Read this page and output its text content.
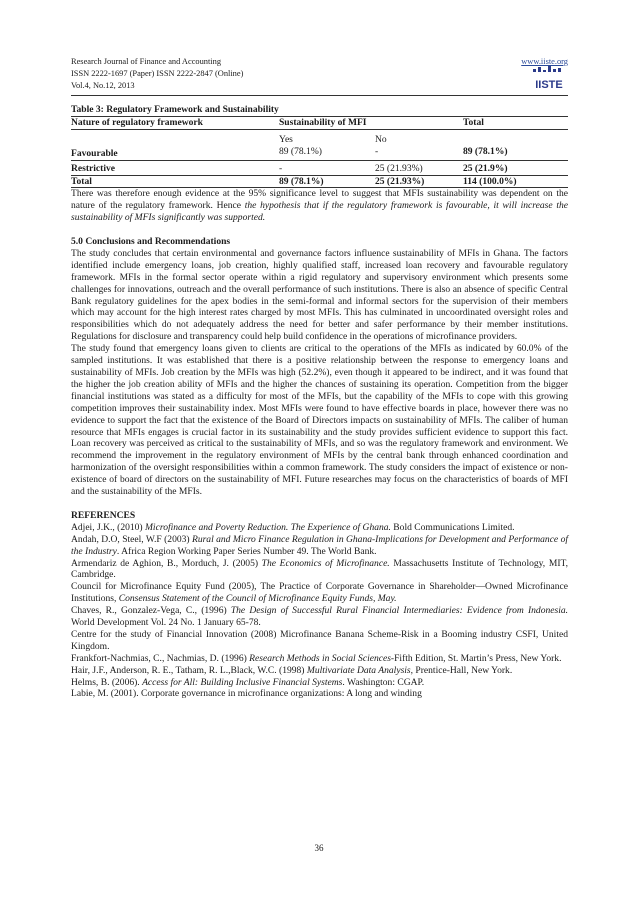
Research Journal of Finance and Accounting
ISSN 2222-1697 (Paper) ISSN 2222-2847 (Online)
Vol.4, No.12, 2013
www.iiste.org
IISTE
Table 3: Regulatory Framework and Sustainability
Nature of regulatory framework	Sustainability of MFI		Total
	Yes	No	
Favourable	89 (78.1%)	-	89 (78.1%)
Restrictive	-	25 (21.93%)	25 (21.9%)
Total	89 (78.1%)	25 (21.93%)	114 (100.0%)

There was therefore enough evidence at the 95% significance level to suggest that MFIs sustainability was dependent on the nature of the regulatory framework. Hence the hypothesis that if the regulatory framework is favourable, it will increase the sustainability of MFIs significantly was supported.

5.0 Conclusions and Recommendations

The study concludes that certain environmental and governance factors influence sustainability of MFIs in Ghana. The factors identified include emergency loans, job creation, highly qualified staff, increased loan recovery and favourable regulatory framework. MFIs in the formal sector operate within a rigid regulatory and supervisory environment which presents some challenges for innovations, outreach and the overall performance of such institutions. There is also an absence of specific Central Bank regulatory guidelines for the apex bodies in the semi-formal and informal sectors for the supervision of their members which may account for the high interest rates charged by most MFIs. This has culminated in uncoordinated oversight roles and responsibilities which do not adequately address the need for better and safer performance by their member institutions. Regulations for disclosure and transparency could help build confidence in the operations of microfinance providers.

The study found that emergency loans given to clients are critical to the operations of the MFIs as indicated by 60.0% of the sampled institutions. It was established that there is a positive relationship between the response to emergency loans and sustainability of MFIs. Job creation by the MFIs was high (52.2%), even though it appeared to be indirect, and it was found that the higher the job creation ability of MFIs and the higher the chances of sustaining its operation. Competition from the bigger financial institutions was stated as a difficulty for most of the MFIs, but the capability of the MFIs to cope with this growing competition improves their sustainability index. Most MFIs were found to have effective boards in place, however there was no evidence to support the fact that the existence of the Board of Directors impacts on sustainability of MFIs. The caliber of human resource that MFIs engages is crucial factor in its sustainability and the study provides sufficient evidence to support this fact. Loan recovery was perceived as critical to the sustainability of MFIs, and so was the regulatory framework and environment. We recommend the improvement in the regulatory environment of MFIs by the central bank through enhanced coordination and harmonization of the oversight responsibilities within a common framework. The study considers the impact of existence or non- existence of board of directors on the sustainability of MFI. Future researches may focus on the characteristics of boards of MFI and the sustainability of the MFIs.

REFERENCES

Adjei, J.K., (2010) Microfinance and Poverty Reduction. The Experience of Ghana. Bold Communications Limited.

Andah, D.O, Steel, W.F (2003) Rural and Micro Finance Regulation in Ghana-Implications for Development and Performance of the Industry. Africa Region Working Paper Series Number 49. The World Bank.

Armendariz de Aghion, B., Morduch, J. (2005) The Economics of Microfinance. Massachusetts Institute of Technology, MIT, Cambridge.

Council for Microfinance Equity Fund (2005), The Practice of Corporate Governance in Shareholder—Owned Microfinance Institutions, Consensus Statement of the Council of Microfinance Equity Funds, May.

Chaves, R., Gonzalez-Vega, C., (1996) The Design of Successful Rural Financial Intermediaries: Evidence from Indonesia. World Development Vol. 24 No. 1 January 65-78.

Centre for the study of Financial Innovation (2008) Microfinance Banana Scheme-Risk in a Booming industry CSFI, United Kingdom.

Frankfort-Nachmias, C., Nachmias, D. (1996) Research Methods in Social Sciences-Fifth Edition, St. Martin’s Press, New York.

Hair, J.F., Anderson, R. E., Tatham, R. L.,Black, W.C. (1998) Multivariate Data Analysis, Prentice-Hall, New York.

Helms, B. (2006). Access for All: Building Inclusive Financial Systems. Washington: CGAP.

Labie, M. (2001). Corporate governance in microfinance organizations: A long and winding

36
